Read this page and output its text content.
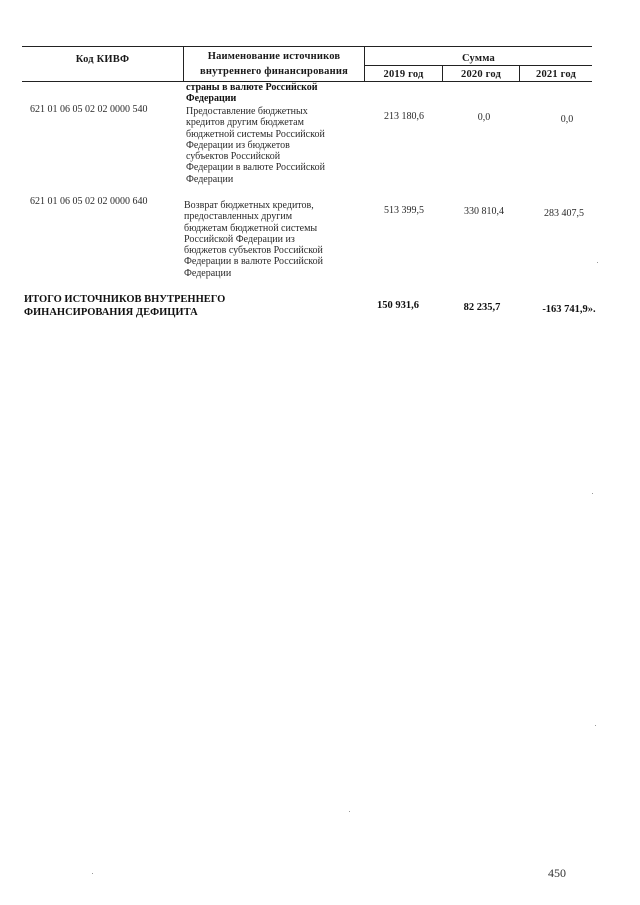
Код КИВФ	Наименование источников
внутреннего финансирования
Сумма
2019 год	2020 год	2021 год
страны в валюте Российской
Федерации
621 01 06 05 02 02 0000 540	Предоставление бюджетных
кредитов другим бюджетам
бюджетной системы Российской
Федерации из бюджетов
субъектов Российской
Федерации в валюте Российской
Федерации
213 180,6	0,0	0,0
621 01 06 05 02 02 0000 640	Возврат бюджетных кредитов,
предоставленных другим
бюджетам бюджетной системы
Российской Федерации из
бюджетов субъектов Российской
Федерации в валюте Российской
Федерации
513 399,5	330 810,4	283 407,5
ИТОГО ИСТОЧНИКОВ ВНУТРЕННЕГО
ФИНАНСИРОВАНИЯ ДЕФИЦИТА
150 931,6	82 235,7	-163 741,9».
450
